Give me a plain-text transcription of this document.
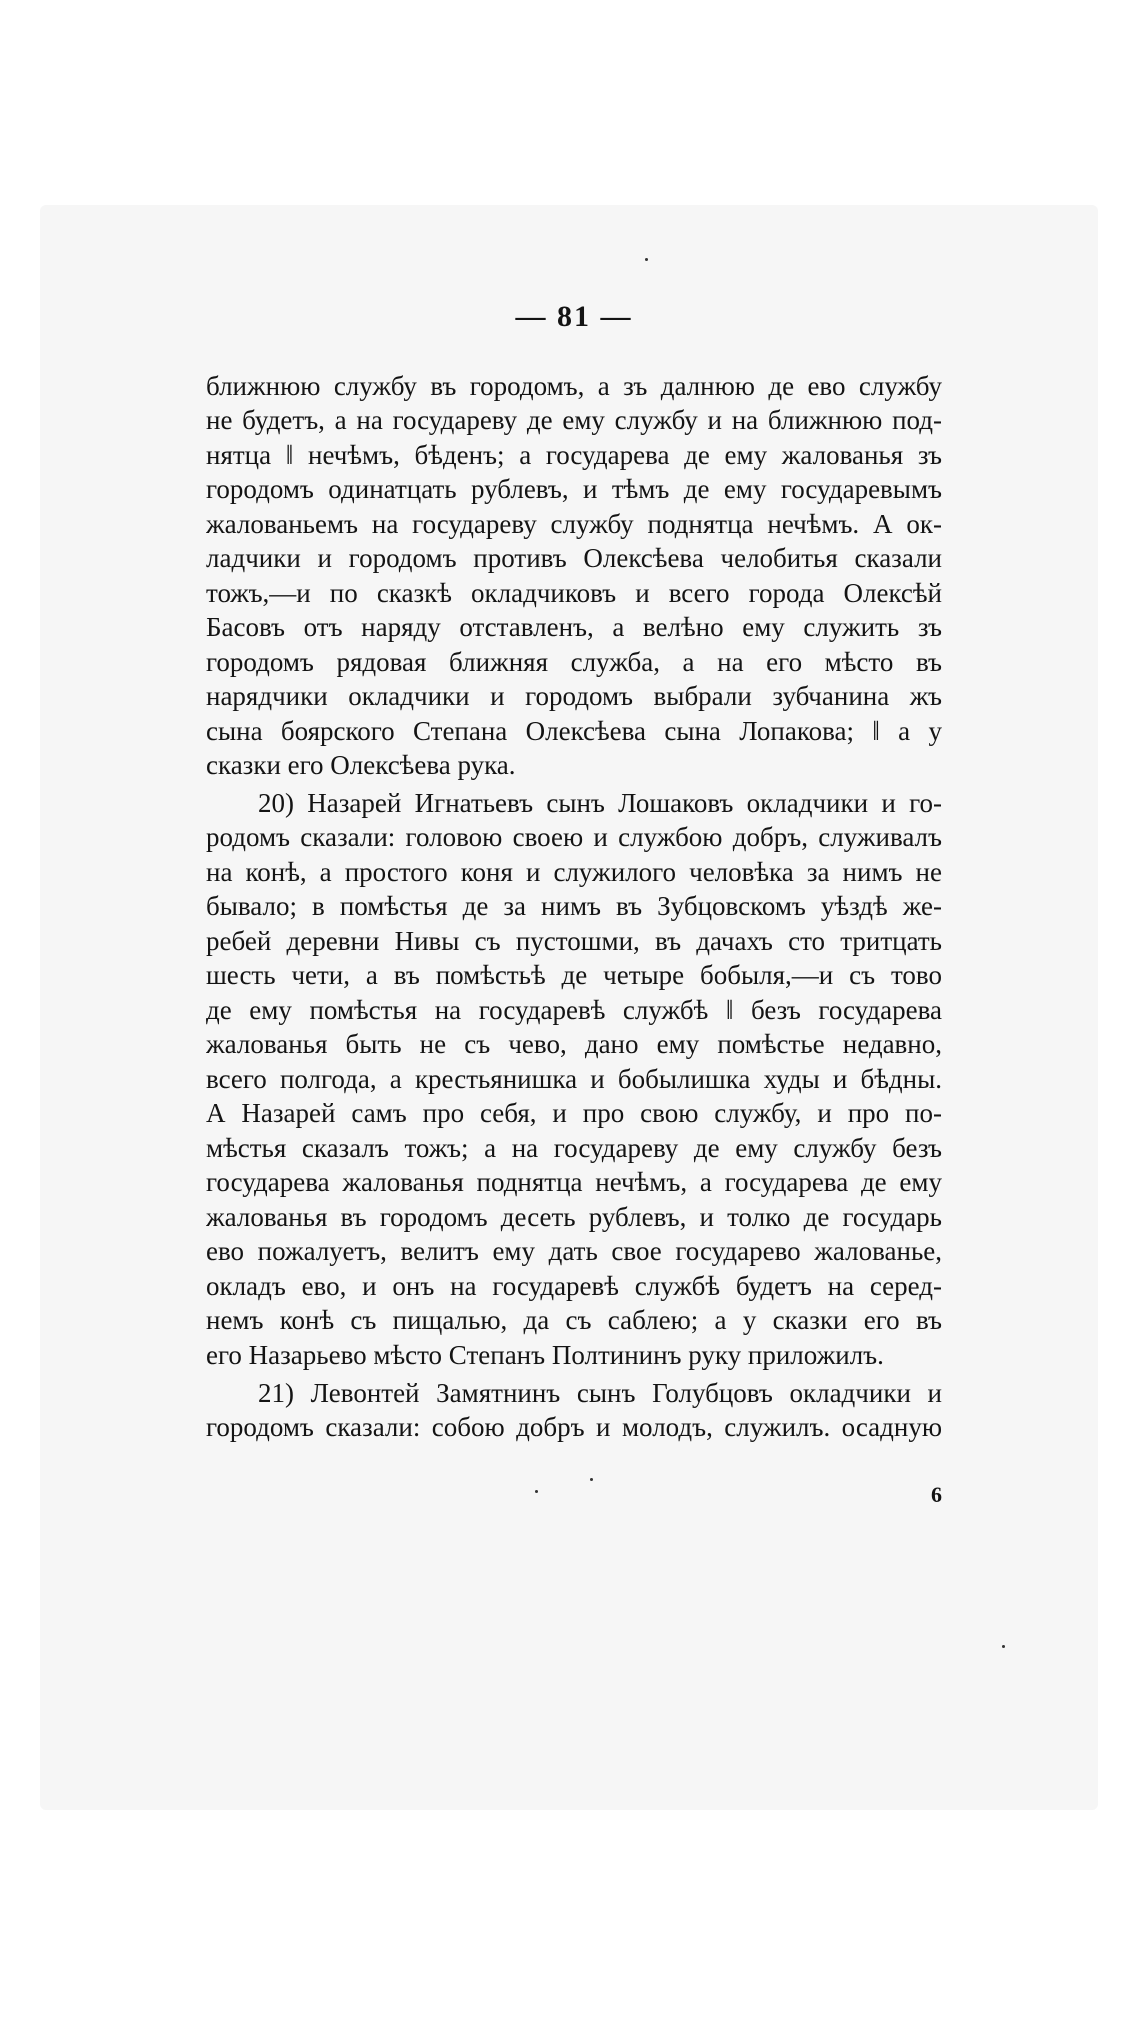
— 81 —
ближнюю службу въ городомъ, а зъ далнюю де ево службу
не будетъ, а на государеву де ему службу и на ближнюю под-
нятца ‖ нечѣмъ, бѣденъ; а государева де ему жалованья зъ
городомъ одинатцать рублевъ, и тѣмъ де ему государевымъ
жалованьемъ на государеву службу поднятца нечѣмъ. А ок-
ладчики и городомъ противъ Олексѣева челобитья сказали
тожъ,—и по сказкѣ окладчиковъ и всего города Олексѣй
Басовъ отъ наряду отставленъ, а велѣно ему служить зъ
городомъ рядовая ближняя служба, а на его мѣсто въ
нарядчики окладчики и городомъ выбрали зубчанина жъ
сына боярского Степана Олексѣева сына Лопакова; ‖ а у
сказки его Олексѣева рука.
20) Назарей Игнатьевъ сынъ Лошаковъ окладчики и го-
родомъ сказали: головою своею и службою добръ, служивалъ
на конѣ, а простого коня и служилого человѣка за нимъ не
бывало; в помѣстья де за нимъ въ Зубцовскомъ уѣздѣ же-
ребей деревни Нивы съ пустошми, въ дачахъ сто тритцать
шесть чети, а въ помѣстьѣ де четыре бобыля,—и съ тово
де ему помѣстья на государевѣ службѣ ‖ безъ государева
жалованья быть не съ чево, дано ему помѣстье недавно,
всего полгода, а крестьянишка и бобылишка худы и бѣдны.
А Назарей самъ про себя, и про свою службу, и про по-
мѣстья сказалъ тожъ; а на государеву де ему службу безъ
государева жалованья поднятца нечѣмъ, а государева де ему
жалованья въ городомъ десеть рублевъ, и толко де государь
ево пожалуетъ, велитъ ему дать свое государево жалованье,
окладъ ево, и онъ на государевѣ службѣ будетъ на серед-
немъ конѣ съ пищалью, да съ саблею; а у сказки его въ
его Назарьево мѣсто Степанъ Полтининъ руку приложилъ.
21) Левонтей Замятнинъ сынъ Голубцовъ окладчики и
городомъ сказали: собою добръ и молодъ, служилъ. осадную
6
